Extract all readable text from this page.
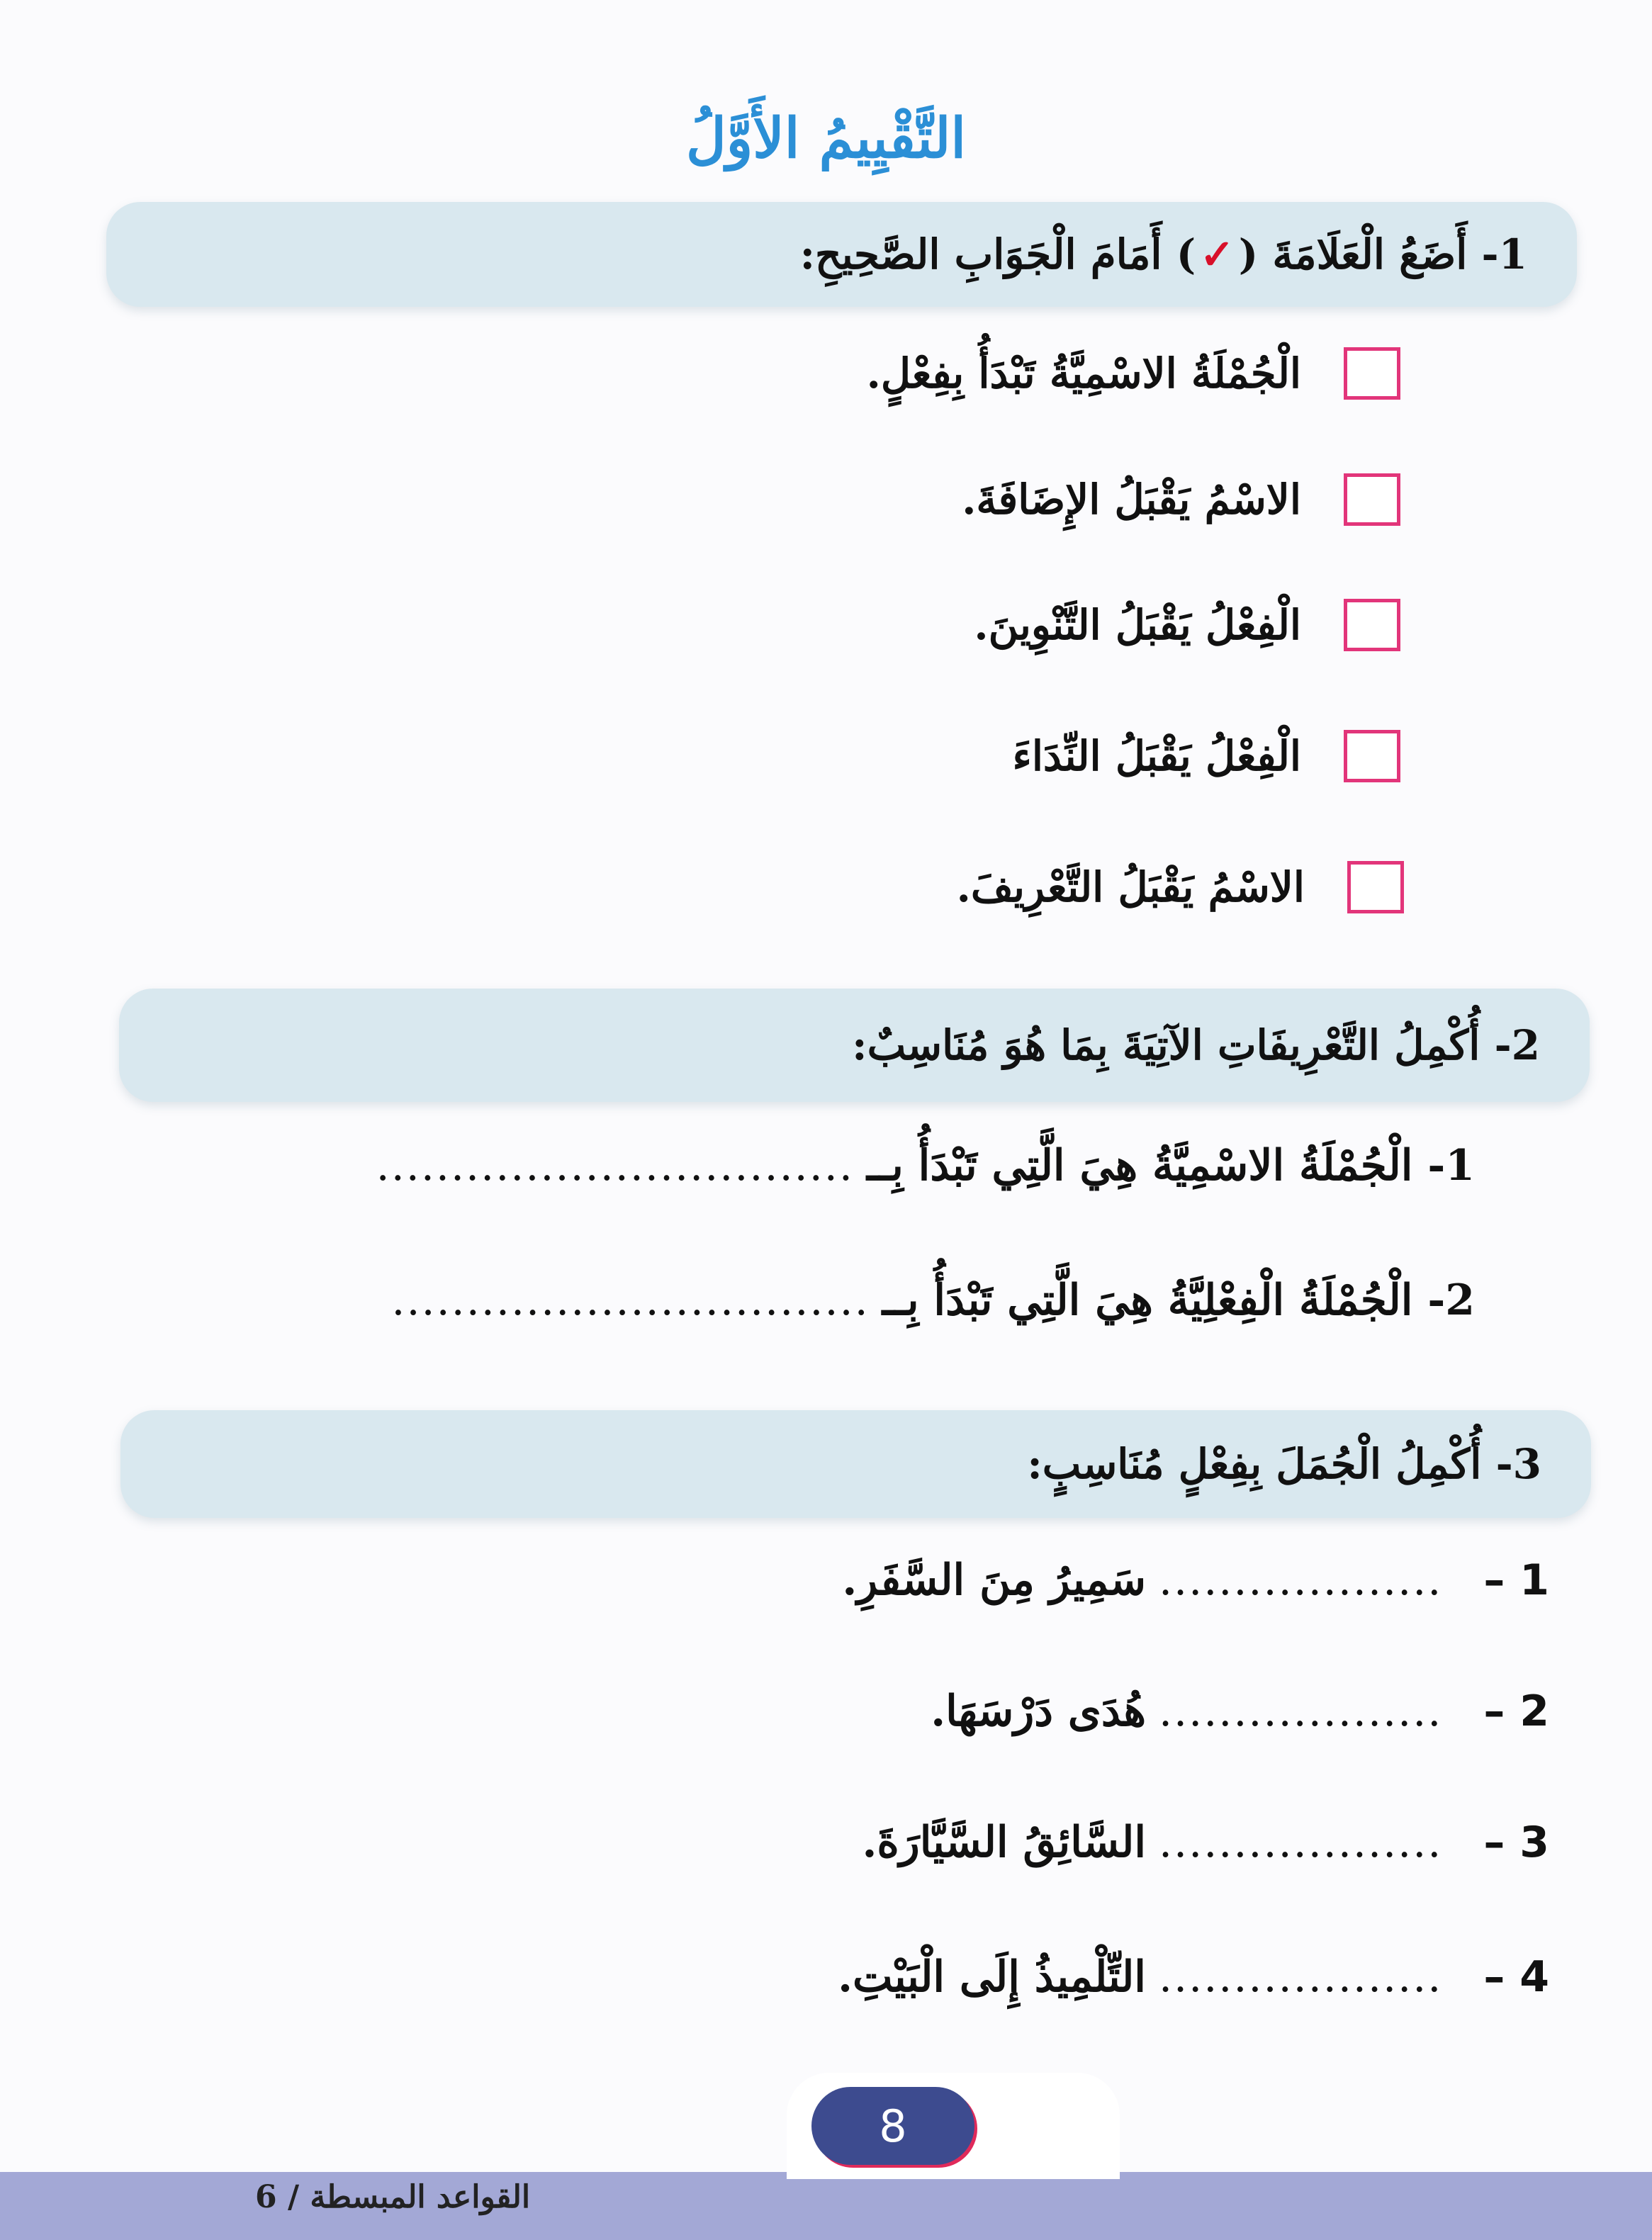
التَّقْيِيمُ الأَوَّلُ
1- أَضَعُ الْعَلَامَةَ (
✓
) أَمَامَ الْجَوَابِ الصَّحِيحِ:
الْجُمْلَةُ الاسْمِيَّةُ تَبْدَأُ بِفِعْلٍ.
الاسْمُ يَقْبَلُ الإِضَافَةَ.
الْفِعْلُ يَقْبَلُ التَّنْوِينَ.
الْفِعْلُ يَقْبَلُ النِّدَاءَ
الاسْمُ يَقْبَلُ التَّعْرِيفَ.
2- أُكْمِلُ التَّعْرِيفَاتِ الآتِيَةَ بِمَا هُوَ مُنَاسِبٌ:
1- الْجُمْلَةُ الاسْمِيَّةُ هِيَ الَّتِي تَبْدَأُ بِــ
................................
2- الْجُمْلَةُ الْفِعْلِيَّةُ هِيَ الَّتِي تَبْدَأُ بِــ
................................
3- أُكْمِلُ الْجُمَلَ بِفِعْلٍ مُنَاسِبٍ:
1 –
...................
سَمِيرُ مِنَ السَّفَرِ.
2 –
...................
هُدَى دَرْسَهَا.
3 –
...................
السَّائِقُ السَّيَّارَةَ.
4 –
...................
التِّلْمِيذُ إِلَى الْبَيْتِ.
8
القواعد المبسطة / 6
